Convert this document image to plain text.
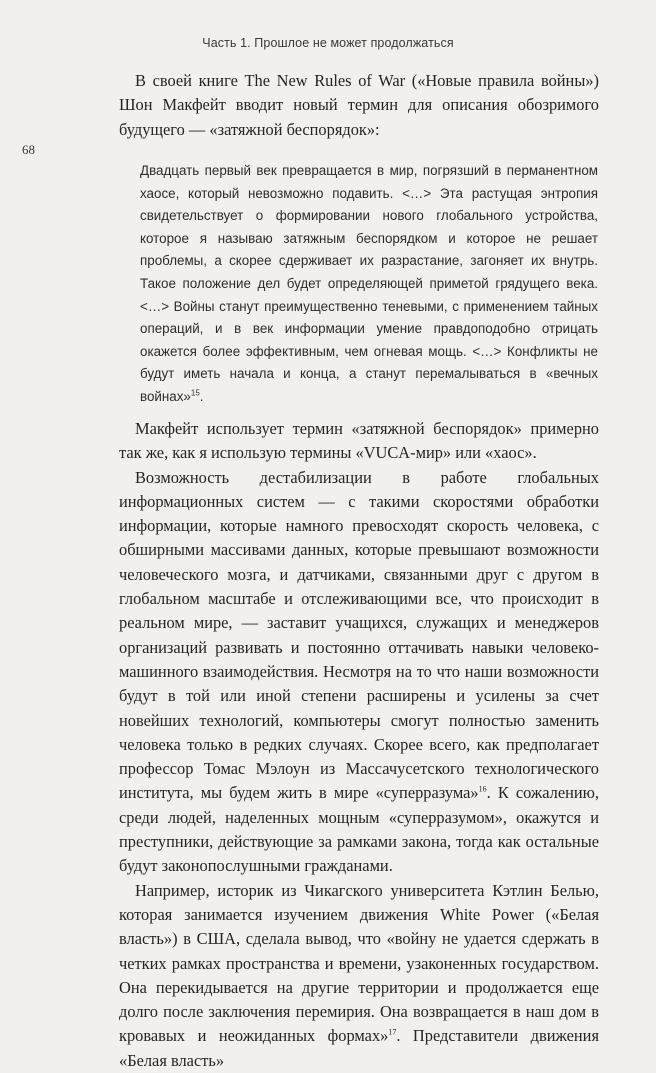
Часть 1. Прошлое не может продолжаться
68

В своей книге The New Rules of War («Новые правила войны») Шон Макфейт вводит новый термин для описания обозримого будущего — «затяжной беспорядок»:

Двадцать первый век превращается в мир, погрязший в перманентном хаосе, который невозможно подавить. <…> Эта растущая энтропия свидетельствует о формировании нового глобального устройства, которое я называю затяжным беспорядком и которое не решает проблемы, а скорее сдерживает их разрастание, загоняет их внутрь. Такое положение дел будет определяющей приметой грядущего века. <…> Войны станут преимущественно теневыми, с применением тайных операций, и в век информации умение правдоподобно отрицать окажется более эффективным, чем огневая мощь. <…> Конфликты не будут иметь начала и конца, а станут перемалываться в «вечных войнах»$^{15}$.

Макфейт использует термин «затяжной беспорядок» примерно так же, как я использую термины «VUCA-мир» или «хаос».

Возможность дестабилизации в работе глобальных информационных систем — с такими скоростями обработки информации, которые намного превосходят скорость человека, с обширными массивами данных, которые превышают возможности человеческого мозга, и датчиками, связанными друг с другом в глобальном масштабе и отслеживающими все, что происходит в реальном мире, — заставит учащихся, служащих и менеджеров организаций развивать и постоянно оттачивать навыки человеко-машинного взаимодействия. Несмотря на то что наши возможности будут в той или иной степени расширены и усилены за счет новейших технологий, компьютеры смогут полностью заменить человека только в редких случаях. Скорее всего, как предполагает профессор Томас Мэлоун из Массачусетского технологического института, мы будем жить в мире «суперразума»$^{16}$. К сожалению, среди людей, наделенных мощным «суперразумом», окажутся и преступники, действующие за рамками закона, тогда как остальные будут законопослушными гражданами.

Например, историк из Чикагского университета Кэтлин Белью, которая занимается изучением движения White Power («Белая власть») в США, сделала вывод, что «войну не удается сдержать в четких рамках пространства и времени, узаконенных государством. Она перекидывается на другие территории и продолжается еще долго после заключения перемирия. Она возвращается в наш дом в кровавых и неожиданных формах»$^{17}$. Представители движения «Белая власть»
